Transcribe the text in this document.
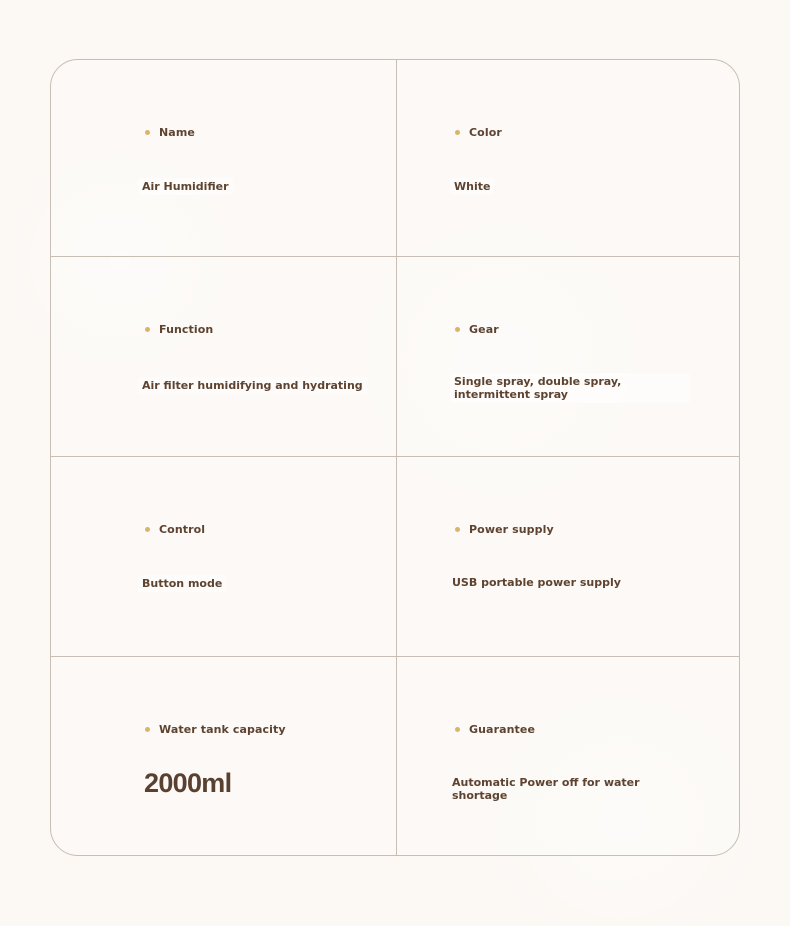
Name
Air Humidifier
Color
White
Function
Air filter humidifying and hydrating
Gear
Single spray, double spray, intermittent spray
Control
Button mode
Power supply
USB portable power supply
Water tank capacity
2000ml
Guarantee
Automatic Power off for water shortage
